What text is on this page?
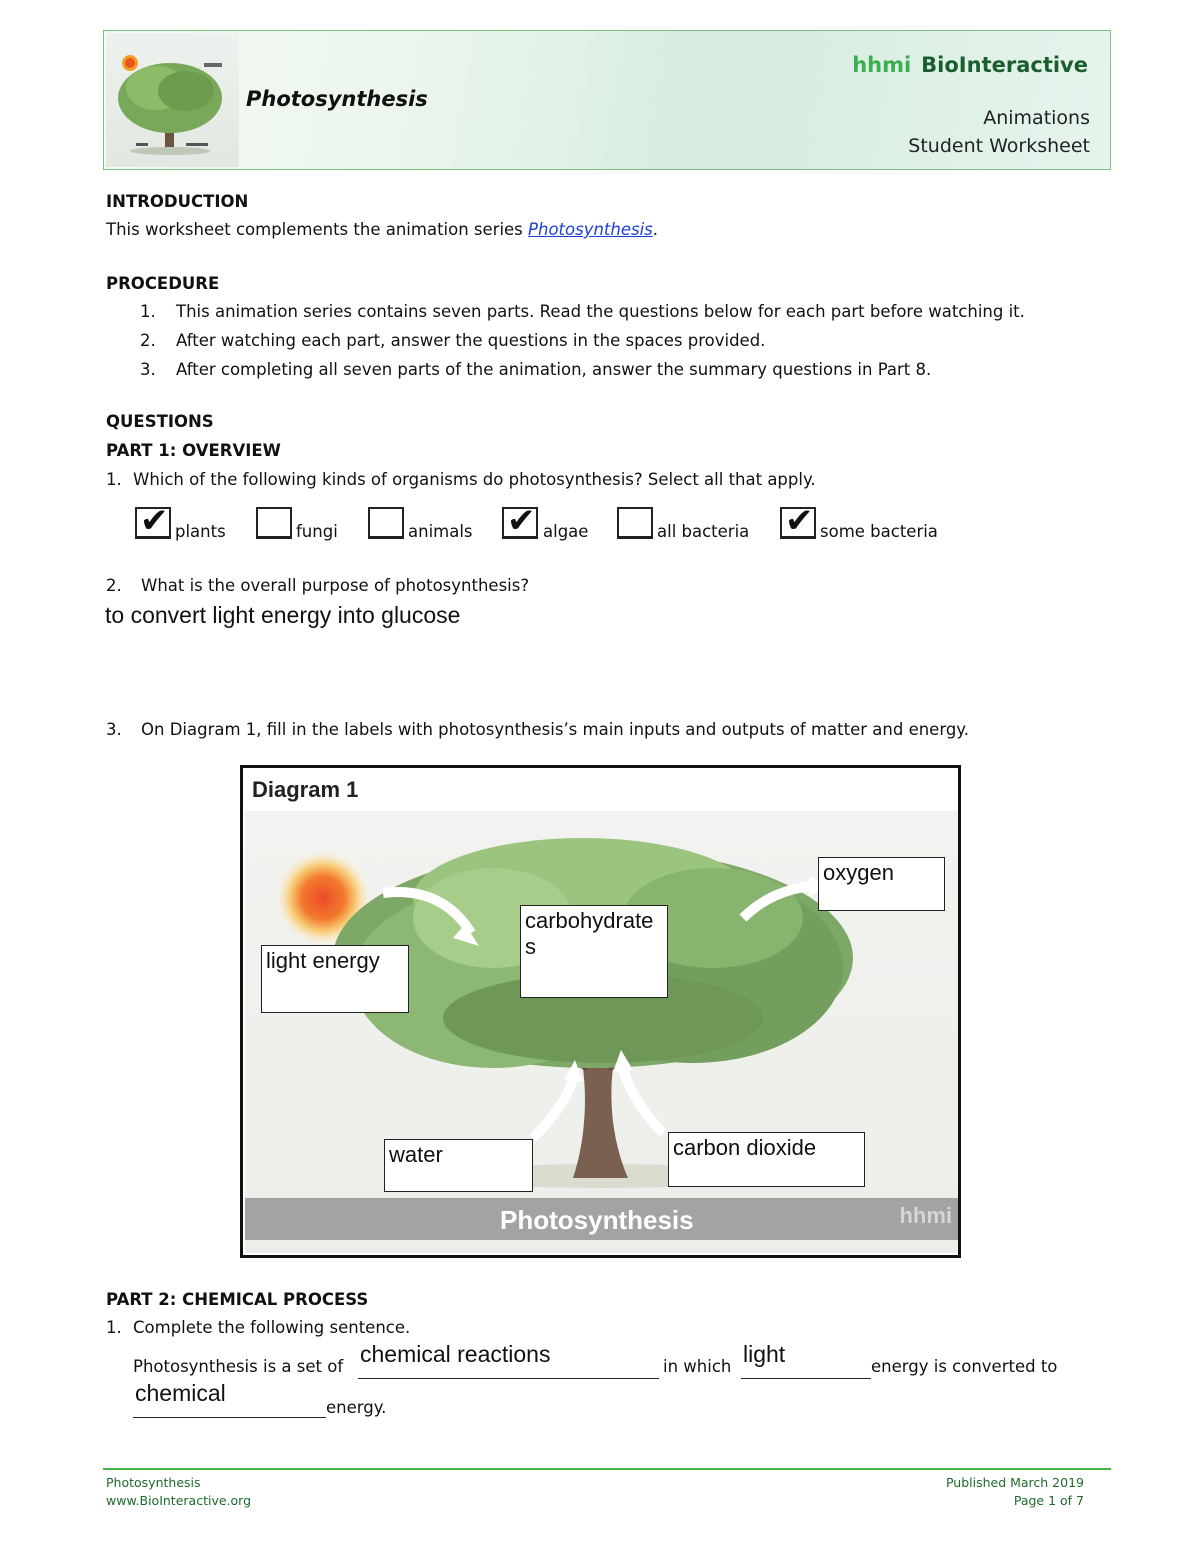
Photosynthesis
hhmi BioInteractive
Animations
Student Worksheet
INTRODUCTION
This worksheet complements the animation series Photosynthesis.
PROCEDURE
1. This animation series contains seven parts. Read the questions below for each part before watching it.
2. After watching each part, answer the questions in the spaces provided.
3. After completing all seven parts of the animation, answer the summary questions in Part 8.
QUESTIONS
PART 1: OVERVIEW
1. Which of the following kinds of organisms do photosynthesis? Select all that apply.
✔ plants	fungi	animals ✔ algae	all bacteria ✔ some bacteria
2. What is the overall purpose of photosynthesis?
to convert light energy into glucose
3. On Diagram 1, fill in the labels with photosynthesis’s main inputs and outputs of matter and energy.
Diagram 1
Photosynthesis	hhmi
light energy
carbohydrates
oxygen
water	carbon dioxide
PART 2: CHEMICAL PROCESS
1. Complete the following sentence.
Photosynthesis is a set of chemical reactions	in which light	energy is converted to
chemical
energy.
Photosynthesis
www.BioInteractive.org
Published March 2019
Page 1 of 7
